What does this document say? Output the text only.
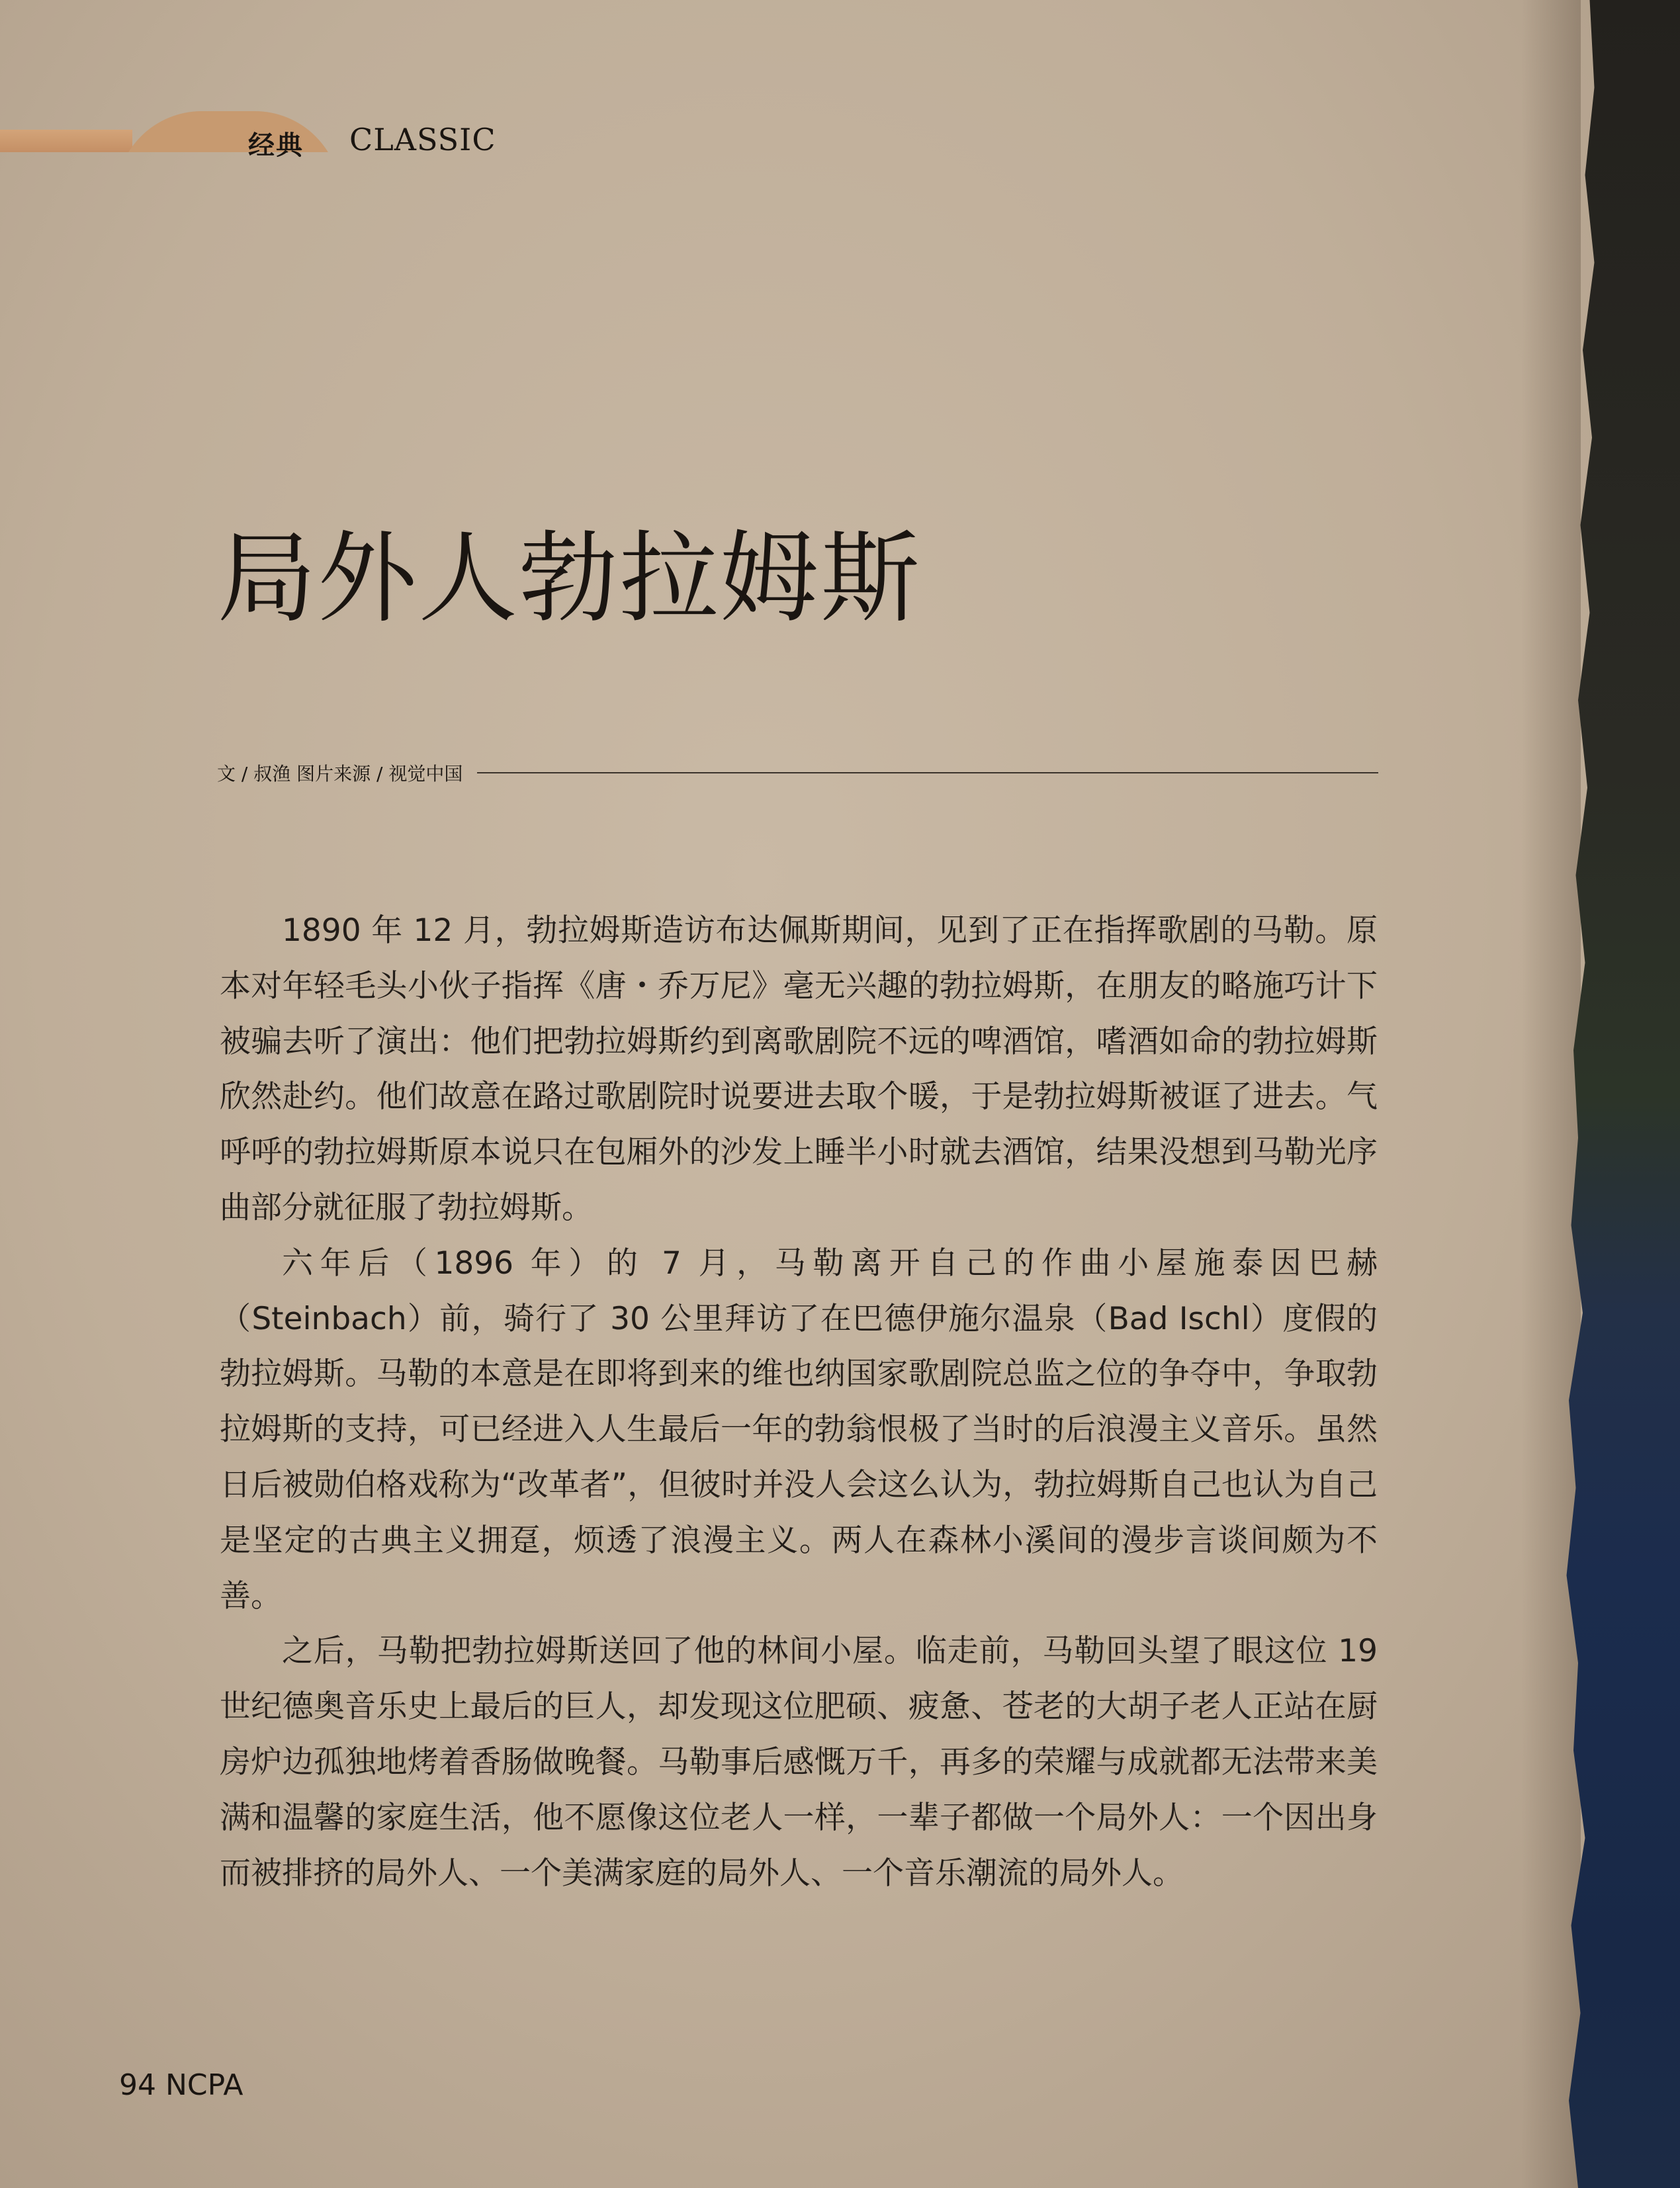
经典 CLASSIC
局外人勃拉姆斯
文 / 叔渔 图片来源 / 视觉中国

1890 年 12 月，勃拉姆斯造访布达佩斯期间，见到了正在指挥歌剧的马勒。原本对年轻毛头小伙子指挥《唐・乔万尼》毫无兴趣的勃拉姆斯，在朋友的略施巧计下被骗去听了演出：他们把勃拉姆斯约到离歌剧院不远的啤酒馆，嗜酒如命的勃拉姆斯欣然赴约。他们故意在路过歌剧院时说要进去取个暖，于是勃拉姆斯被诓了进去。气呼呼的勃拉姆斯原本说只在包厢外的沙发上睡半小时就去酒馆，结果没想到马勒光序曲部分就征服了勃拉姆斯。

六年后（1896 年）的 7 月，马勒离开自己的作曲小屋施泰因巴赫（Steinbach）前，骑行了 30 公里拜访了在巴德伊施尔温泉（Bad Ischl）度假的勃拉姆斯。马勒的本意是在即将到来的维也纳国家歌剧院总监之位的争夺中，争取勃拉姆斯的支持，可已经进入人生最后一年的勃翁恨极了当时的后浪漫主义音乐。虽然日后被勋伯格戏称为“改革者”，但彼时并没人会这么认为，勃拉姆斯自己也认为自己是坚定的古典主义拥趸，烦透了浪漫主义。两人在森林小溪间的漫步言谈间颇为不善。

之后，马勒把勃拉姆斯送回了他的林间小屋。临走前，马勒回头望了眼这位 19 世纪德奥音乐史上最后的巨人，却发现这位肥硕、疲惫、苍老的大胡子老人正站在厨房炉边孤独地烤着香肠做晚餐。马勒事后感慨万千，再多的荣耀与成就都无法带来美满和温馨的家庭生活，他不愿像这位老人一样，一辈子都做一个局外人：一个因出身而被排挤的局外人、一个美满家庭的局外人、一个音乐潮流的局外人。

94 NCPA
